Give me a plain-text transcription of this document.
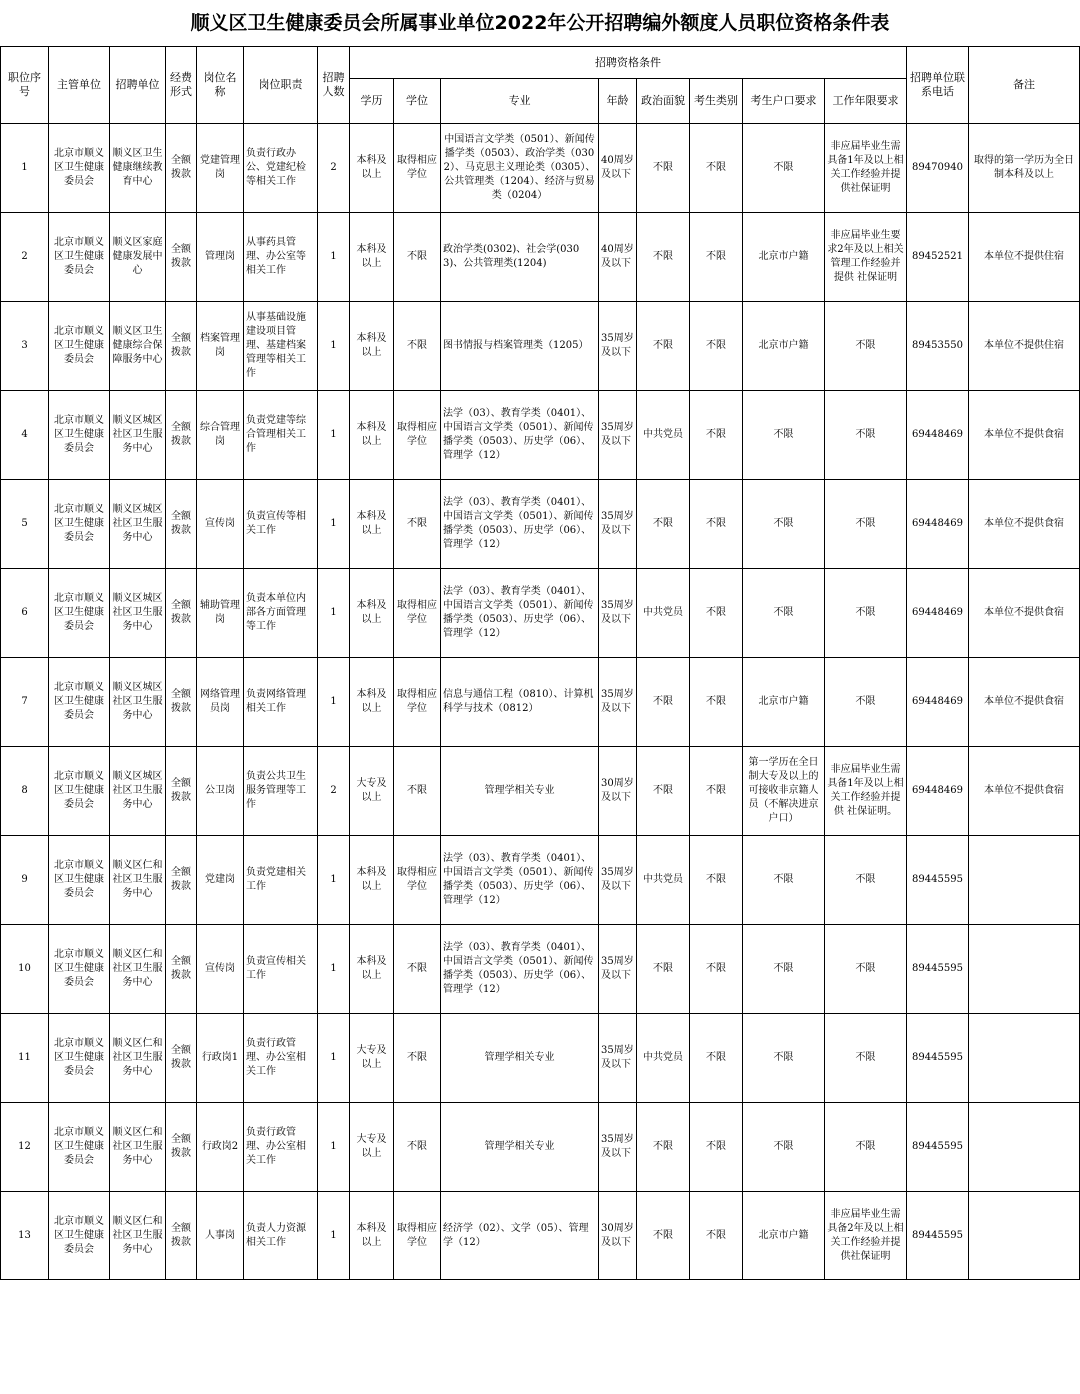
顺义区卫生健康委员会所属事业单位2022年公开招聘编外额度人员职位资格条件表
职位序号	主管单位	招聘单位	经费形式	岗位名称	岗位职责	招聘人数	招聘资格条件								招聘单位联系电话	备注
							学历	学位	专业	年龄	政治面貌	考生类别	考生户口要求	工作年限要求		
1	北京市顺义区卫生健康委员会	顺义区卫生健康继续教育中心	全额拨款	党建管理岗	负责行政办公、党建纪检等相关工作	2	本科及以上	取得相应学位	中国语言文学类（0501）、新闻传播学类（0503）、政治学类（0302）、马克思主义理论类（0305）、公共管理类（1204）、经济与贸易类（0204）	40周岁及以下	不限	不限	不限	非应届毕业生需具备1年及以上相关工作经验并提供社保证明	89470940	取得的第一学历为全日制本科及以上
2	北京市顺义区卫生健康委员会	顺义区家庭健康发展中心	全额拨款	管理岗	从事药具管理、办公室等相关工作	1	本科及以上	不限	政治学类(0302)、社会学(0303)、公共管理类(1204)	40周岁及以下	不限	不限	北京市户籍	非应届毕业生要求2年及以上相关管理工作经验并提供 社保证明	89452521	本单位不提供住宿
3	北京市顺义区卫生健康委员会	顺义区卫生健康综合保障服务中心	全额拨款	档案管理岗	从事基础设施建设项目管理、基建档案管理等相关工作	1	本科及以上	不限	图书情报与档案管理类（1205）	35周岁及以下	不限	不限	北京市户籍	不限	89453550	本单位不提供住宿
4	北京市顺义区卫生健康委员会	顺义区城区社区卫生服务中心	全额拨款	综合管理岗	负责党建等综合管理相关工作	1	本科及以上	取得相应学位	法学（03）、教育学类（0401）、中国语言文学类（0501）、新闻传播学类（0503）、历史学（06）、管理学（12）	35周岁及以下	中共党员	不限	不限	不限	69448469	本单位不提供食宿
5	北京市顺义区卫生健康委员会	顺义区城区社区卫生服务中心	全额拨款	宣传岗	负责宣传等相关工作	1	本科及以上	不限	法学（03）、教育学类（0401）、中国语言文学类（0501）、新闻传播学类（0503）、历史学（06）、管理学（12）	35周岁及以下	不限	不限	不限	不限	69448469	本单位不提供食宿
6	北京市顺义区卫生健康委员会	顺义区城区社区卫生服务中心	全额拨款	辅助管理岗	负责本单位内部各方面管理等工作	1	本科及以上	取得相应学位	法学（03）、教育学类（0401）、中国语言文学类（0501）、新闻传播学类（0503）、历史学（06）、管理学（12）	35周岁及以下	中共党员	不限	不限	不限	69448469	本单位不提供食宿
7	北京市顺义区卫生健康委员会	顺义区城区社区卫生服务中心	全额拨款	网络管理员岗	负责网络管理相关工作	1	本科及以上	取得相应学位	信息与通信工程（0810）、计算机科学与技术（0812）	35周岁及以下	不限	不限	北京市户籍	不限	69448469	本单位不提供食宿
8	北京市顺义区卫生健康委员会	顺义区城区社区卫生服务中心	全额拨款	公卫岗	负责公共卫生服务管理等工作	2	大专及以上	不限	管理学相关专业	30周岁及以下	不限	不限	第一学历在全日制大专及以上的可接收非京籍人员（不解决进京户口）	非应届毕业生需具备1年及以上相关工作经验并提供 社保证明。	69448469	本单位不提供食宿
9	北京市顺义区卫生健康委员会	顺义区仁和社区卫生服务中心	全额拨款	党建岗	负责党建相关工作	1	本科及以上	取得相应学位	法学（03）、教育学类（0401）、中国语言文学类（0501）、新闻传播学类（0503）、历史学（06）、管理学（12）	35周岁及以下	中共党员	不限	不限	不限	89445595	
10	北京市顺义区卫生健康委员会	顺义区仁和社区卫生服务中心	全额拨款	宣传岗	负责宣传相关工作	1	本科及以上	不限	法学（03）、教育学类（0401）、中国语言文学类（0501）、新闻传播学类（0503）、历史学（06）、管理学（12）	35周岁及以下	不限	不限	不限	不限	89445595	
11	北京市顺义区卫生健康委员会	顺义区仁和社区卫生服务中心	全额拨款	行政岗1	负责行政管理、办公室相关工作	1	大专及以上	不限	管理学相关专业	35周岁及以下	中共党员	不限	不限	不限	89445595	
12	北京市顺义区卫生健康委员会	顺义区仁和社区卫生服务中心	全额拨款	行政岗2	负责行政管理、办公室相关工作	1	大专及以上	不限	管理学相关专业	35周岁及以下	不限	不限	不限	不限	89445595	
13	北京市顺义区卫生健康委员会	顺义区仁和社区卫生服务中心	全额拨款	人事岗	负责人力资源相关工作	1	本科及以上	取得相应学位	经济学（02）、文学（05）、管理学（12）	30周岁及以下	不限	不限	北京市户籍	非应届毕业生需具备2年及以上相关工作经验并提供社保证明	89445595	
